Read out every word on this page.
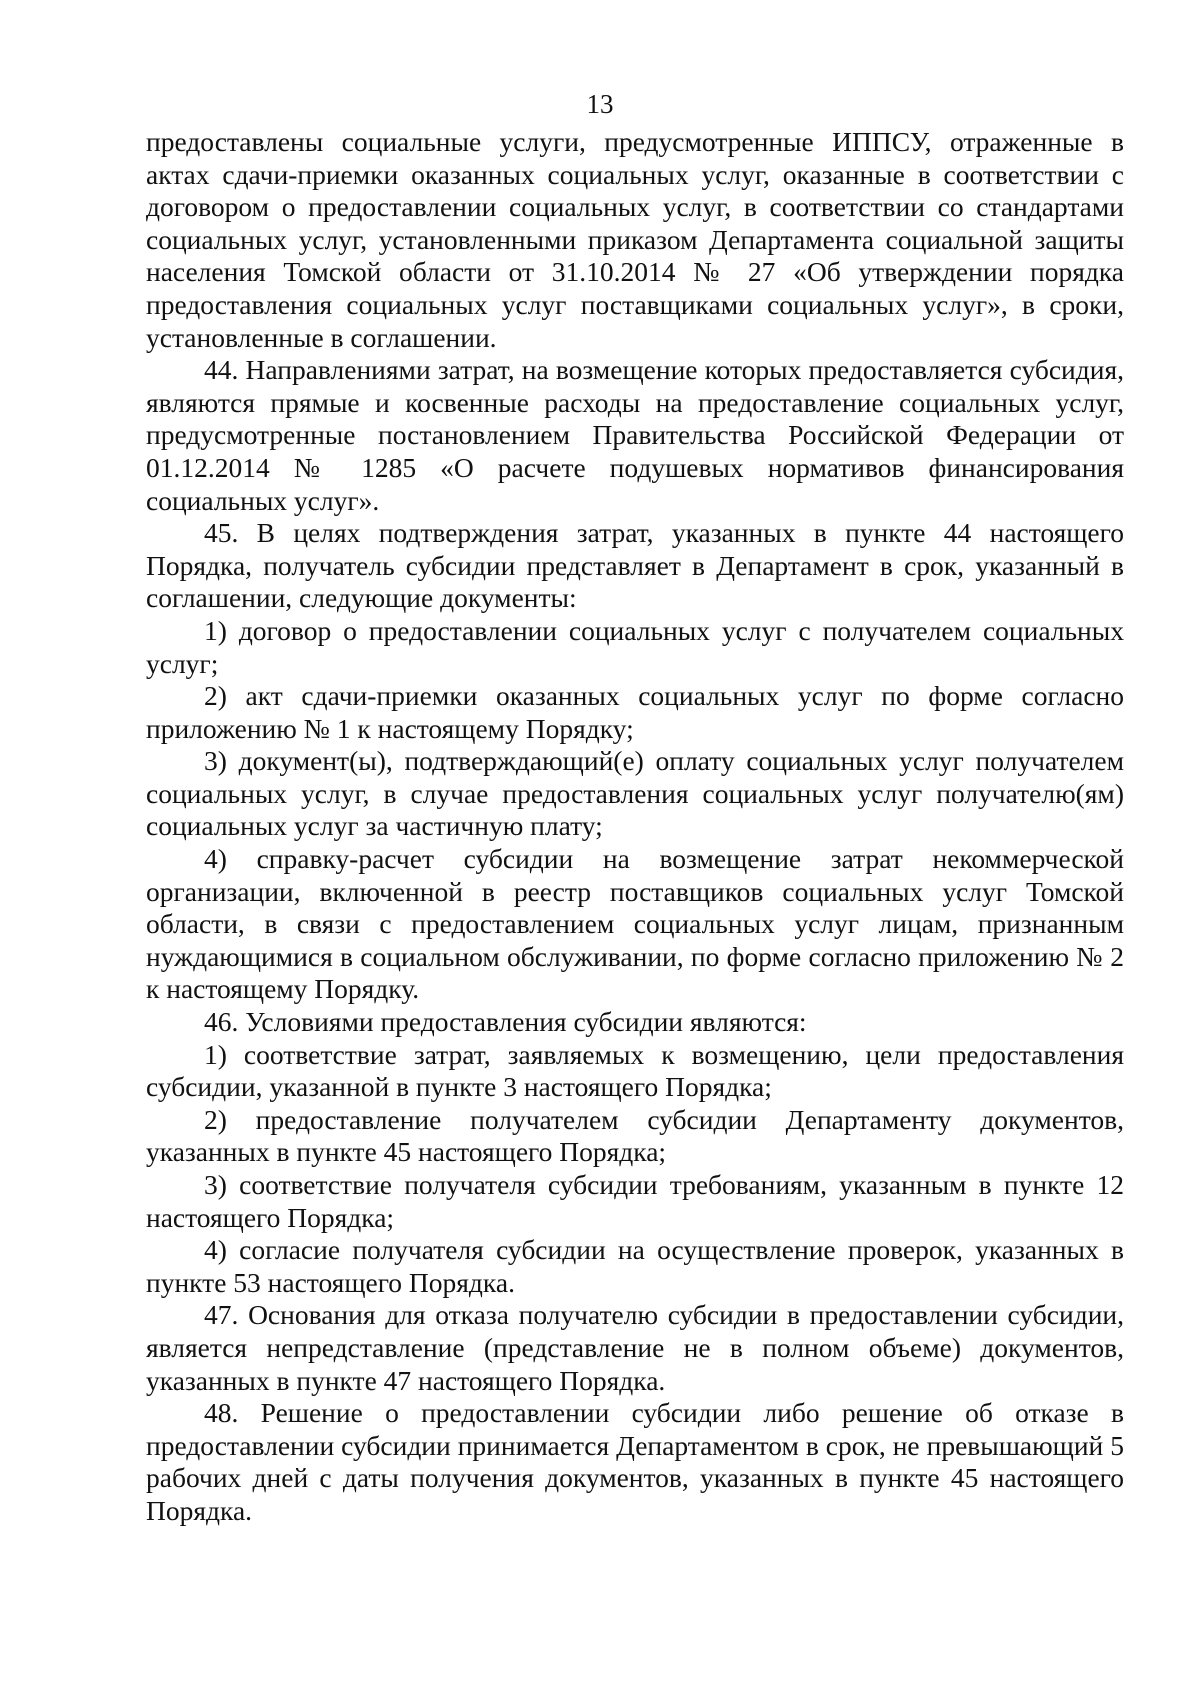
13

предоставлены социальные услуги, предусмотренные ИППСУ, отраженные в актах сдачи-приемки оказанных социальных услуг, оказанные в соответствии с договором о предоставлении социальных услуг, в соответствии со стандартами социальных услуг, установленными приказом Департамента социальной защиты населения Томской области от 31.10.2014 № 27 «Об утверждении порядка предоставления социальных услуг поставщиками социальных услуг», в сроки, установленные в соглашении.

44. Направлениями затрат, на возмещение которых предоставляется субсидия, являются прямые и косвенные расходы на предоставление социальных услуг, предусмотренные постановлением Правительства Российской Федерации от 01.12.2014 № 1285 «О расчете подушевых нормативов финансирования социальных услуг».

45. В целях подтверждения затрат, указанных в пункте 44 настоящего Порядка, получатель субсидии представляет в Департамент в срок, указанный в соглашении, следующие документы:

1) договор о предоставлении социальных услуг с получателем социальных услуг;

2) акт сдачи-приемки оказанных социальных услуг по форме согласно приложению № 1 к настоящему Порядку;

3) документ(ы), подтверждающий(е) оплату социальных услуг получателем социальных услуг, в случае предоставления социальных услуг получателю(ям) социальных услуг за частичную плату;

4) справку-расчет субсидии на возмещение затрат некоммерческой организации, включенной в реестр поставщиков социальных услуг Томской области, в связи с предоставлением социальных услуг лицам, признанным нуждающимися в социальном обслуживании, по форме согласно приложению № 2 к настоящему Порядку.

46. Условиями предоставления субсидии являются:

1) соответствие затрат, заявляемых к возмещению, цели предоставления субсидии, указанной в пункте 3 настоящего Порядка;

2) предоставление получателем субсидии Департаменту документов, указанных в пункте 45 настоящего Порядка;

3) соответствие получателя субсидии требованиям, указанным в пункте 12 настоящего Порядка;

4) согласие получателя субсидии на осуществление проверок, указанных в пункте 53 настоящего Порядка.

47. Основания для отказа получателю субсидии в предоставлении субсидии, является непредставление (представление не в полном объеме) документов, указанных в пункте 47 настоящего Порядка.

48. Решение о предоставлении субсидии либо решение об отказе в предоставлении субсидии принимается Департаментом в срок, не превышающий 5 рабочих дней с даты получения документов, указанных в пункте 45 настоящего Порядка.
